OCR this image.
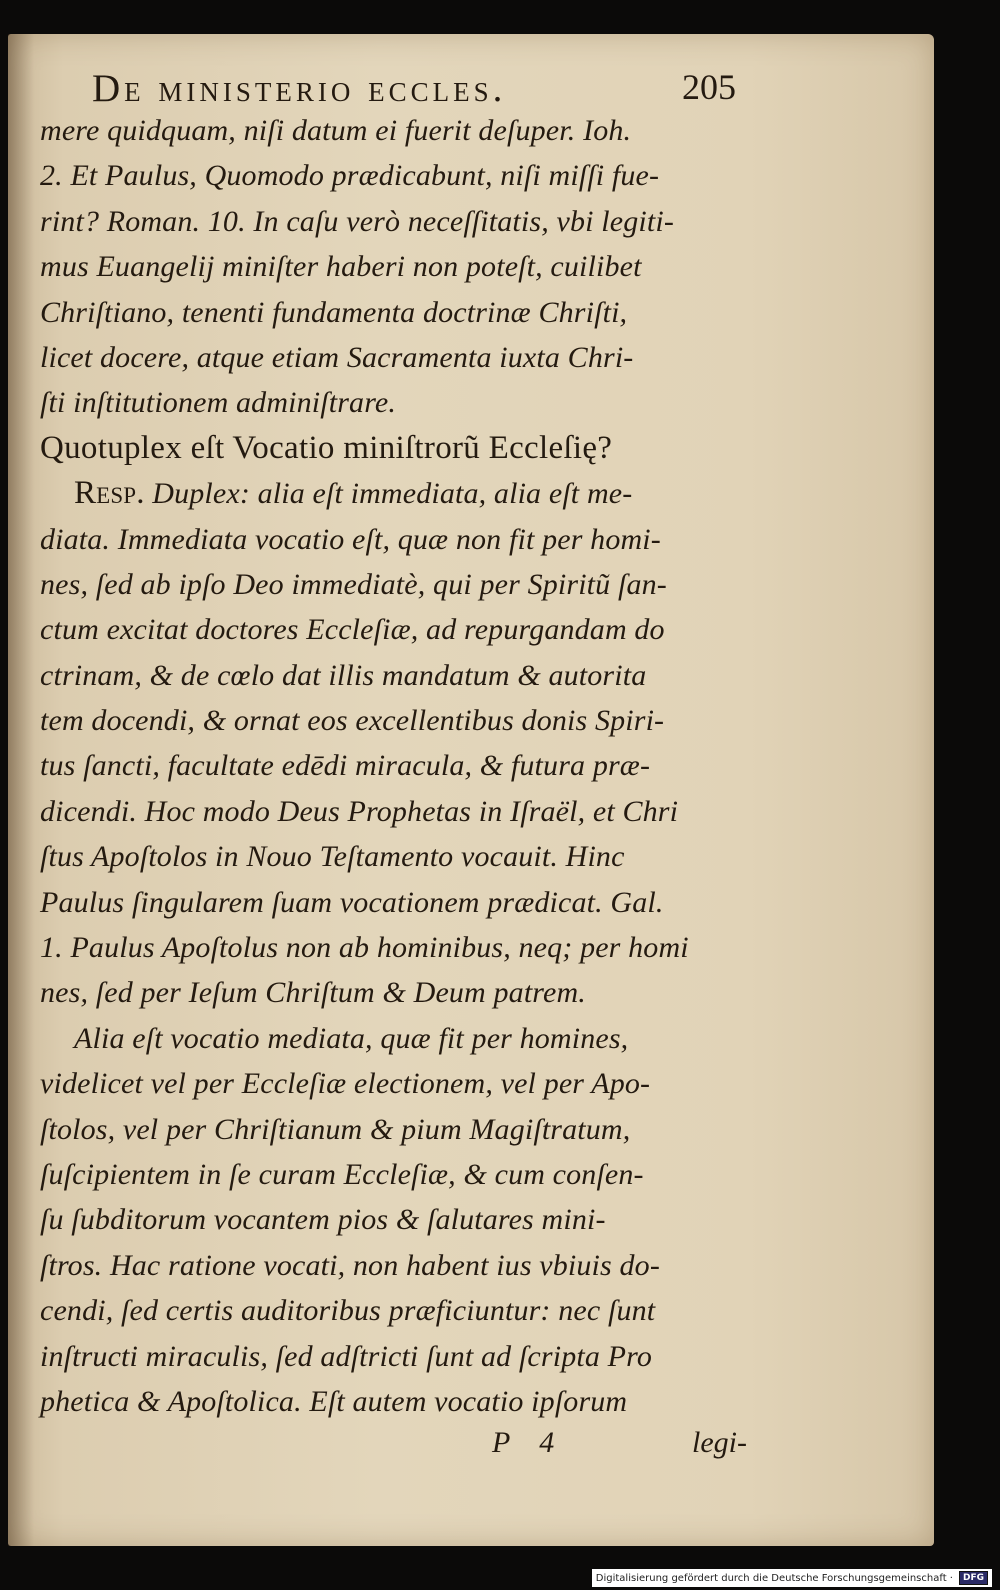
De ministerio eccles.	205
mere quidquam, niſi datum ei fuerit deſuper. Ioh.
2. Et Paulus, Quomodo prædicabunt, niſi miſſi fue-
rint? Roman. 10. In caſu verò neceſſitatis, vbi legiti-
mus Euangelij miniſter haberi non poteſt, cuilibet
Chriſtiano, tenenti fundamenta doctrinæ Chriſti,
licet docere, atque etiam Sacramenta iuxta Chri-
ſti inſtitutionem adminiſtrare.
Quotuplex eſt Vocatio miniſtrorũ Eccleſię?
Resp. Duplex: alia eſt immediata, alia eſt me-
diata. Immediata vocatio eſt, quæ non fit per homi-
nes, ſed ab ipſo Deo immediatè, qui per Spiritũ ſan-
ctum excitat doctores Eccleſiæ, ad repurgandam do
ctrinam, & de cœlo dat illis mandatum & autorita
tem docendi, & ornat eos excellentibus donis Spiri-
tus ſancti, facultate edēdi miracula, & futura præ-
dicendi. Hoc modo Deus Prophetas in Iſraël, et Chri
ſtus Apoſtolos in Nouo Teſtamento vocauit. Hinc
Paulus ſingularem ſuam vocationem prædicat. Gal.
1. Paulus Apoſtolus non ab hominibus, neq; per homi
nes, ſed per Ieſum Chriſtum & Deum patrem.
Alia eſt vocatio mediata, quæ fit per homines,
videlicet vel per Eccleſiæ electionem, vel per Apo-
ſtolos, vel per Chriſtianum & pium Magiſtratum,
ſuſcipientem in ſe curam Eccleſiæ, & cum conſen-
ſu ſubditorum vocantem pios & ſalutares mini-
ſtros. Hac ratione vocati, non habent ius vbiuis do-
cendi, ſed certis auditoribus præficiuntur: nec ſunt
inſtructi miraculis, ſed adſtricti ſunt ad ſcripta Pro
phetica & Apoſtolica. Eſt autem vocatio ipſorum
P 4	legi-
Digitalisierung gefördert durch die Deutsche Forschungsgemeinschaft ·	DFG
